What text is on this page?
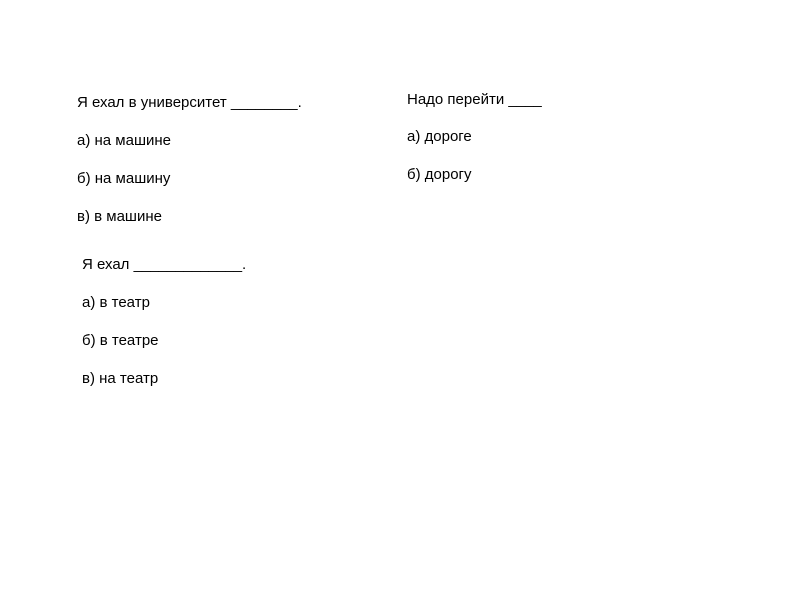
Я ехал в университет ________.
а) на машине
б) на машину
в) в машине
Надо перейти ____
а) дороге
б) дорогу
Я ехал _____________.
а) в театр
б) в театре
в) на театр
